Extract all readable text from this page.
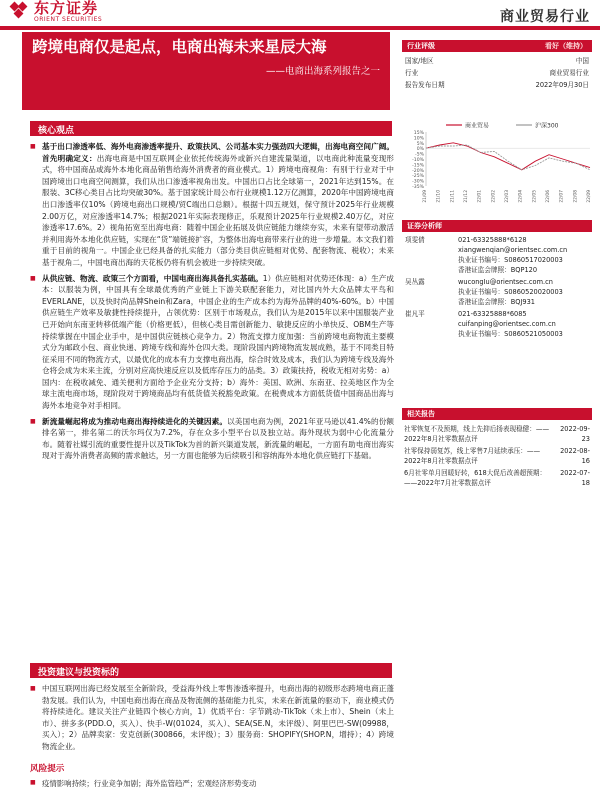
东方证券
ORIENT SECURITIES	商业贸易行业
跨境电商仅是起点，电商出海未来星辰大海
——电商出海系列报告之一
核心观点

■ 基于出口渗透率低、海外电商渗透率提升、政策扶风、公司基本实力强劲四大逻辑，出海电商空间广阔。首先明确定义：出海电商是中国互联网企业依托传统海外或新兴自建流量渠道，以电商此种流量变现形式，将中国商品或海外本地化商品销售给海外消费者的商业模式。1）跨境电商视角：有别于行业对于中国跨境出口电商空间测算，我们从出口渗透率视角出发。中国出口占比全球第一，2021年达到15%。在服装、3C移心类目占比均突破30%。基于国家统计局公布行业规模1.12万亿测算，2020年中国跨境电商出口渗透率仅10%（跨境电商出口规模/贸C端出口总额）。根据十四五规划，保守预计2025年行业规模2.00万亿，对应渗透率14.7%；根据2021年实际表现修正，乐观预计2025年行业规模2.40万亿，对应渗透率17.6%。2）视角拓宽至出海电商：随着中国企业拓展及供应链能力继续夯实，未来有望带动激活并利用海外本地化供应链，实现在“货”端链接扩容，为整体出海电商带来行业的进一步增量。本文我们着重于目前的视角一。中国企业已经具备的扎实能力（部分类目供应链相对优势、配套物流、税收）；未来基于视角二，中国电商出海的天花板仍将有机会被进一步持续突破。

■ 从供应链、物流、政策三个方面看，中国电商出海具备扎实基础。1）供应链相对优势还体现：a）生产成本：以服装为例，中国具有全球最优秀的产业链上下游关联配套能力，对比国内外大众品牌太平鸟和EVERLANE，以及快时尚品牌Shein和Zara，中国企业的生产成本约为海外品牌的40%-60%。b）中国供应链生产效率及敏捷性持续提升，占领优势：区别于市场观点，我们认为是2015年以来中国服装产业已开始向东南亚转移低端产能（价格更低），但核心类目需创新能力、敏捷反应的小单快反、OBM生产等持续掌握在中国企业手中，是中国供应链核心竞争力。2）物流支撑力度加强：当前跨境电商物流主要模式分为邮政小包、商业快递、跨境专线和海外仓四大类。现阶段国内跨境物流发展成熟，基于不同类目特征采用不同的物流方式，以最优化的成本有力支撑电商出海，综合时效及成本，我们认为跨境专线及海外仓将会成为未来主流，分别对应高快速反应以及低库存压力的品类。3）政策扶持，税收无相对劣势：a）国内：在税收减免、通关便利方面给予企业充分支持；b）海外：美国、欧洲、东南亚、拉美地区作为全球主流电商市场，现阶段对于跨境商品均有低货值关税豁免政策。在税费成本方面低货值中国商品出海与海外本地竞争对手相同。

■ 新流量崛起将成为推动电商出海持续进化的关键因素。以美国电商为例，2021年亚马逊以41.4%的份额排名第一，排名第二的沃尔玛仅为7.2%，存在众多小型平台以及独立站。海外现状为弱中心化流量分布。随着社媒引流的重要性提升以及TikTok为首的新兴渠道发展，新流量的崛起，一方面有助电商出海实现对于海外消费者高频的需求触达，另一方面也能够为后续吸引和容纳海外本地化供应链打下基础。

投资建议与投资标的

■ 中国互联网出海已经发展至全新阶段，受益海外线上零售渗透率提升，电商出海的初级形态跨境电商正蓬勃发展。我们认为，中国电商出海在商品及物流侧的基础能力扎实，未来在新流量的驱动下，商业模式仍将持续进化。建议关注产业链四个核心方向，1）优质平台：字节跳动-TikTok（未上市）、Shein（未上市）、拼多多(PDD.O，买入）、快手-W(01024，买入）、SEA(SE.N，未评级）、阿里巴巴-SW(09988，买入）；2）品牌卖家：安克创新(300866，未评级）；3）服务商：SHOPIFY(SHOP.N，增持）；4）跨境物流企业。

风险提示
■ 疫情影响持续；行业竞争加剧；海外监管趋严；宏观经济形势变动
行业评级	看好（维持）
国家/地区	中国
行业	商业贸易行业
报告发布日期	2022年09月30日
商业贸易	沪深300
15%
10%
5%
0%
-5%
-10%
-15%
-20%
-25%
-30%
-35%
21/09 21/10 21/11 21/12 22/01 22/02 22/03 22/04 22/05 22/06 22/07 22/08 22/09
证券分析师
项雯倩	021-63325888*6128
xiangwenqian@orientsec.com.cn
执业证书编号：S0860517020003
香港证监会牌照：BQP120
吴丛露	wucongIu@orientsec.com.cn
执业证书编号：S0860520020003
香港证监会牌照：BQJ931
崔凡平	021-63325888*6085
cuifanping@orientsec.com.cn
执业证书编号：S0860521050003
相关报告
社零恢复不及预期，线上先抑后扬表现稳健：——2022年8月社零数据点评
2022-09-23
社零保持弱复苏，线上零售7月延续承压：——2022年8月社零数据点评
2022-08-16
6月社零单月回暖好转，618大促后改善超预期：——2022年7月社零数据点评
2022-07-18
